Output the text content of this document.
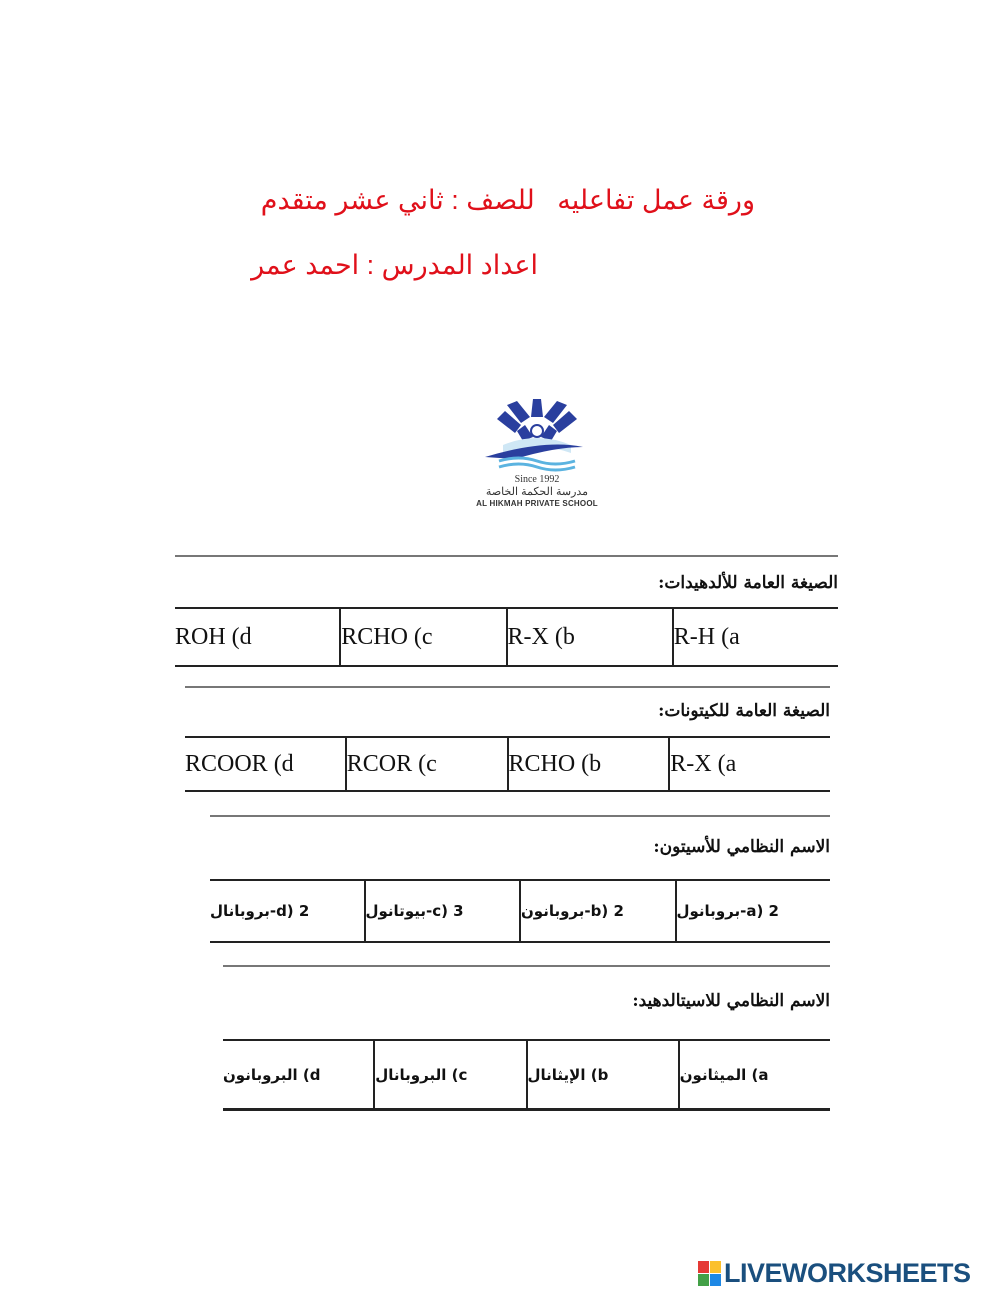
ورقة عمل تفاعليه   للصف : ثاني عشر متقدم
اعداد المدرس : احمد عمر
Since 1992
مدرسة الحكمة الخاصة
AL HIKMAH PRIVATE SCHOOL
الصيغة العامة للألدهيدات:
R-H (a
R-X (b
RCHO (c
ROH (d
الصيغة العامة للكيتونات:
R-X (a
RCHO (b
RCOR (c
RCOOR (d
الاسم النظامي للأسيتون:
a) 2-بروبانول
b) 2-بروبانون
c) 3-بيوتانول
d) 2-بروبانال
الاسم النظامي للاسيتالدهيد:
a) الميثانون
b) الإيثانال
c) البروبانال
d) البروبانون
LIVEWORKSHEETS
